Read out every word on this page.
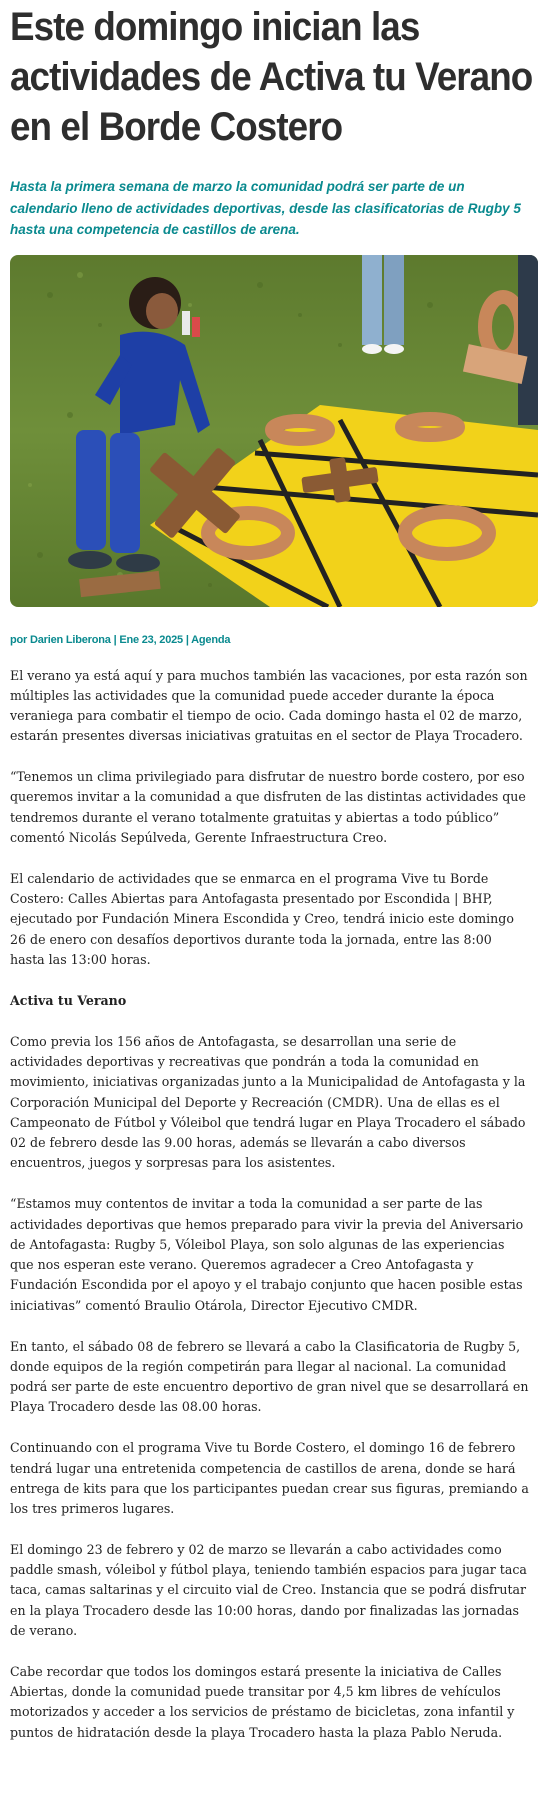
Este domingo inician las actividades de Activa tu Verano en el Borde Costero
Hasta la primera semana de marzo la comunidad podrá ser parte de un calendario lleno de actividades deportivas, desde las clasificatorias de Rugby 5 hasta una competencia de castillos de arena.
por Darien Liberona | Ene 23, 2025 | Agenda

El verano ya está aquí y para muchos también las vacaciones, por esta razón son múltiples las actividades que la comunidad puede acceder durante la época veraniega para combatir el tiempo de ocio. Cada domingo hasta el 02 de marzo, estarán presentes diversas iniciativas gratuitas en el sector de Playa Trocadero.

“Tenemos un clima privilegiado para disfrutar de nuestro borde costero, por eso queremos invitar a la comunidad a que disfruten de las distintas actividades que tendremos durante el verano totalmente gratuitas y abiertas a todo público” comentó Nicolás Sepúlveda, Gerente Infraestructura Creo.

El calendario de actividades que se enmarca en el programa Vive tu Borde Costero: Calles Abiertas para Antofagasta presentado por Escondida | BHP, ejecutado por Fundación Minera Escondida y Creo, tendrá inicio este domingo 26 de enero con desafíos deportivos durante toda la jornada, entre las 8:00 hasta las 13:00 horas.

Activa tu Verano

Como previa los 156 años de Antofagasta, se desarrollan una serie de actividades deportivas y recreativas que pondrán a toda la comunidad en movimiento, iniciativas organizadas junto a la Municipalidad de Antofagasta y la Corporación Municipal del Deporte y Recreación (CMDR). Una de ellas es el Campeonato de Fútbol y Vóleibol que tendrá lugar en Playa Trocadero el sábado 02 de febrero desde las 9.00 horas, además se llevarán a cabo diversos encuentros, juegos y sorpresas para los asistentes.

“Estamos muy contentos de invitar a toda la comunidad a ser parte de las actividades deportivas que hemos preparado para vivir la previa del Aniversario de Antofagasta: Rugby 5, Vóleibol Playa, son solo algunas de las experiencias que nos esperan este verano. Queremos agradecer a Creo Antofagasta y Fundación Escondida por el apoyo y el trabajo conjunto que hacen posible estas iniciativas” comentó Braulio Otárola, Director Ejecutivo CMDR.

En tanto, el sábado 08 de febrero se llevará a cabo la Clasificatoria de Rugby 5, donde equipos de la región competirán para llegar al nacional. La comunidad podrá ser parte de este encuentro deportivo de gran nivel que se desarrollará en Playa Trocadero desde las 08.00 horas.

Continuando con el programa Vive tu Borde Costero, el domingo 16 de febrero tendrá lugar una entretenida competencia de castillos de arena, donde se hará entrega de kits para que los participantes puedan crear sus figuras, premiando a los tres primeros lugares.

El domingo 23 de febrero y 02 de marzo se llevarán a cabo actividades como paddle smash, vóleibol y fútbol playa, teniendo también espacios para jugar taca taca, camas saltarinas y el circuito vial de Creo. Instancia que se podrá disfrutar en la playa Trocadero desde las 10:00 horas, dando por finalizadas las jornadas de verano.

Cabe recordar que todos los domingos estará presente la iniciativa de Calles Abiertas, donde la comunidad puede transitar por 4,5 km libres de vehículos motorizados y acceder a los servicios de préstamo de bicicletas, zona infantil y puntos de hidratación desde la playa Trocadero hasta la plaza Pablo Neruda.
